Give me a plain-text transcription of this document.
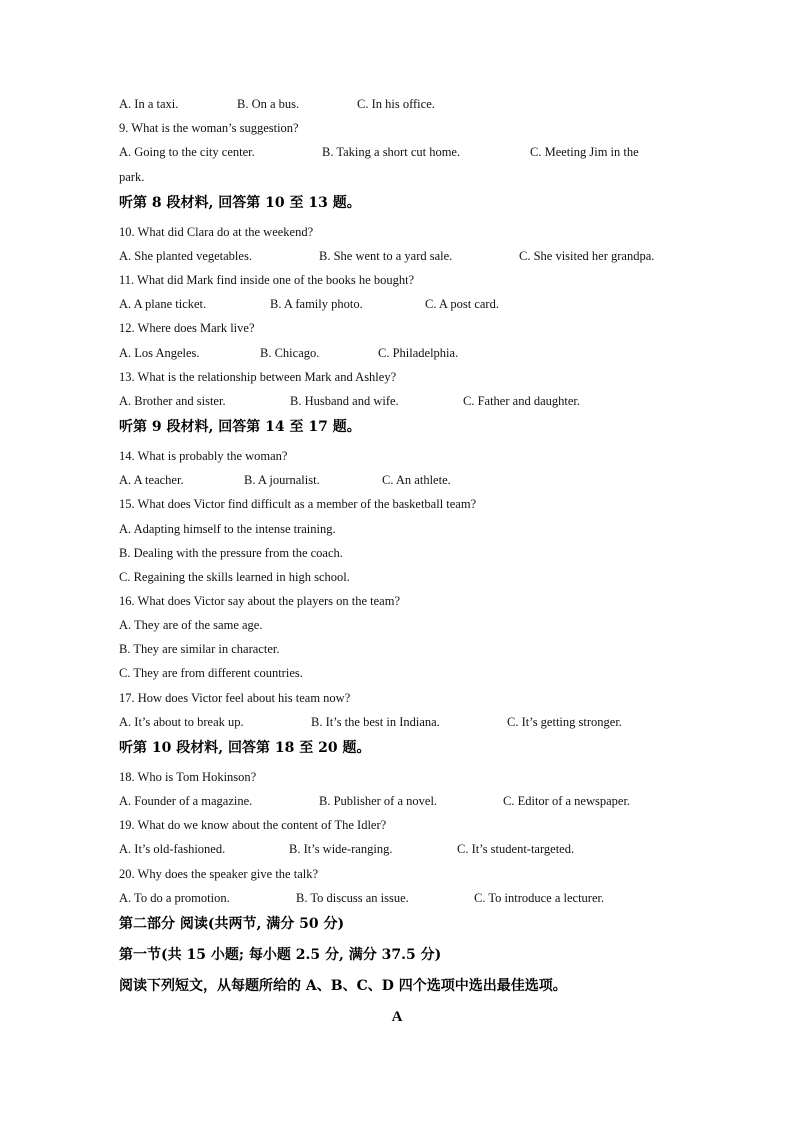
A. In a taxi.	B. On a bus.	C. In his office.
9. What is the woman’s suggestion?
A. Going to the city center.	B. Taking a short cut home.	C. Meeting Jim in the
park.
听第 8 段材料, 回答第 10 至 13 题。
10. What did Clara do at the weekend?
A. She planted vegetables.	B. She went to a yard sale.	C. She visited her grandpa.
11. What did Mark find inside one of the books he bought?
A. A plane ticket.	B. A family photo.	C. A post card.
12. Where does Mark live?
A. Los Angeles.	B. Chicago.	C. Philadelphia.
13. What is the relationship between Mark and Ashley?
A. Brother and sister.	B. Husband and wife.	C. Father and daughter.
听第 9 段材料, 回答第 14 至 17 题。
14. What is probably the woman?
A. A teacher.	B. A journalist.	C. An athlete.
15. What does Victor find difficult as a member of the basketball team?
A. Adapting himself to the intense training.
B. Dealing with the pressure from the coach.
C. Regaining the skills learned in high school.
16. What does Victor say about the players on the team?
A. They are of the same age.
B. They are similar in character.
C. They are from different countries.
17. How does Victor feel about his team now?
A. It’s about to break up.	B. It’s the best in Indiana.	C. It’s getting stronger.
听第 10 段材料, 回答第 18 至 20 题。
18. Who is Tom Hokinson?
A. Founder of a magazine.	B. Publisher of a novel.	C. Editor of a newspaper.
19. What do we know about the content of The Idler?
A. It’s old-fashioned.	B. It’s wide-ranging.	C. It’s student-targeted.
20. Why does the speaker give the talk?
A. To do a promotion.	B. To discuss an issue.	C. To introduce a lecturer.
第二部分 阅读(共两节, 满分 50 分)
第一节(共 15 小题; 每小题 2.5 分, 满分 37.5 分)
阅读下列短文，从每题所给的 A、B、C、D 四个选项中选出最佳选项。
A
